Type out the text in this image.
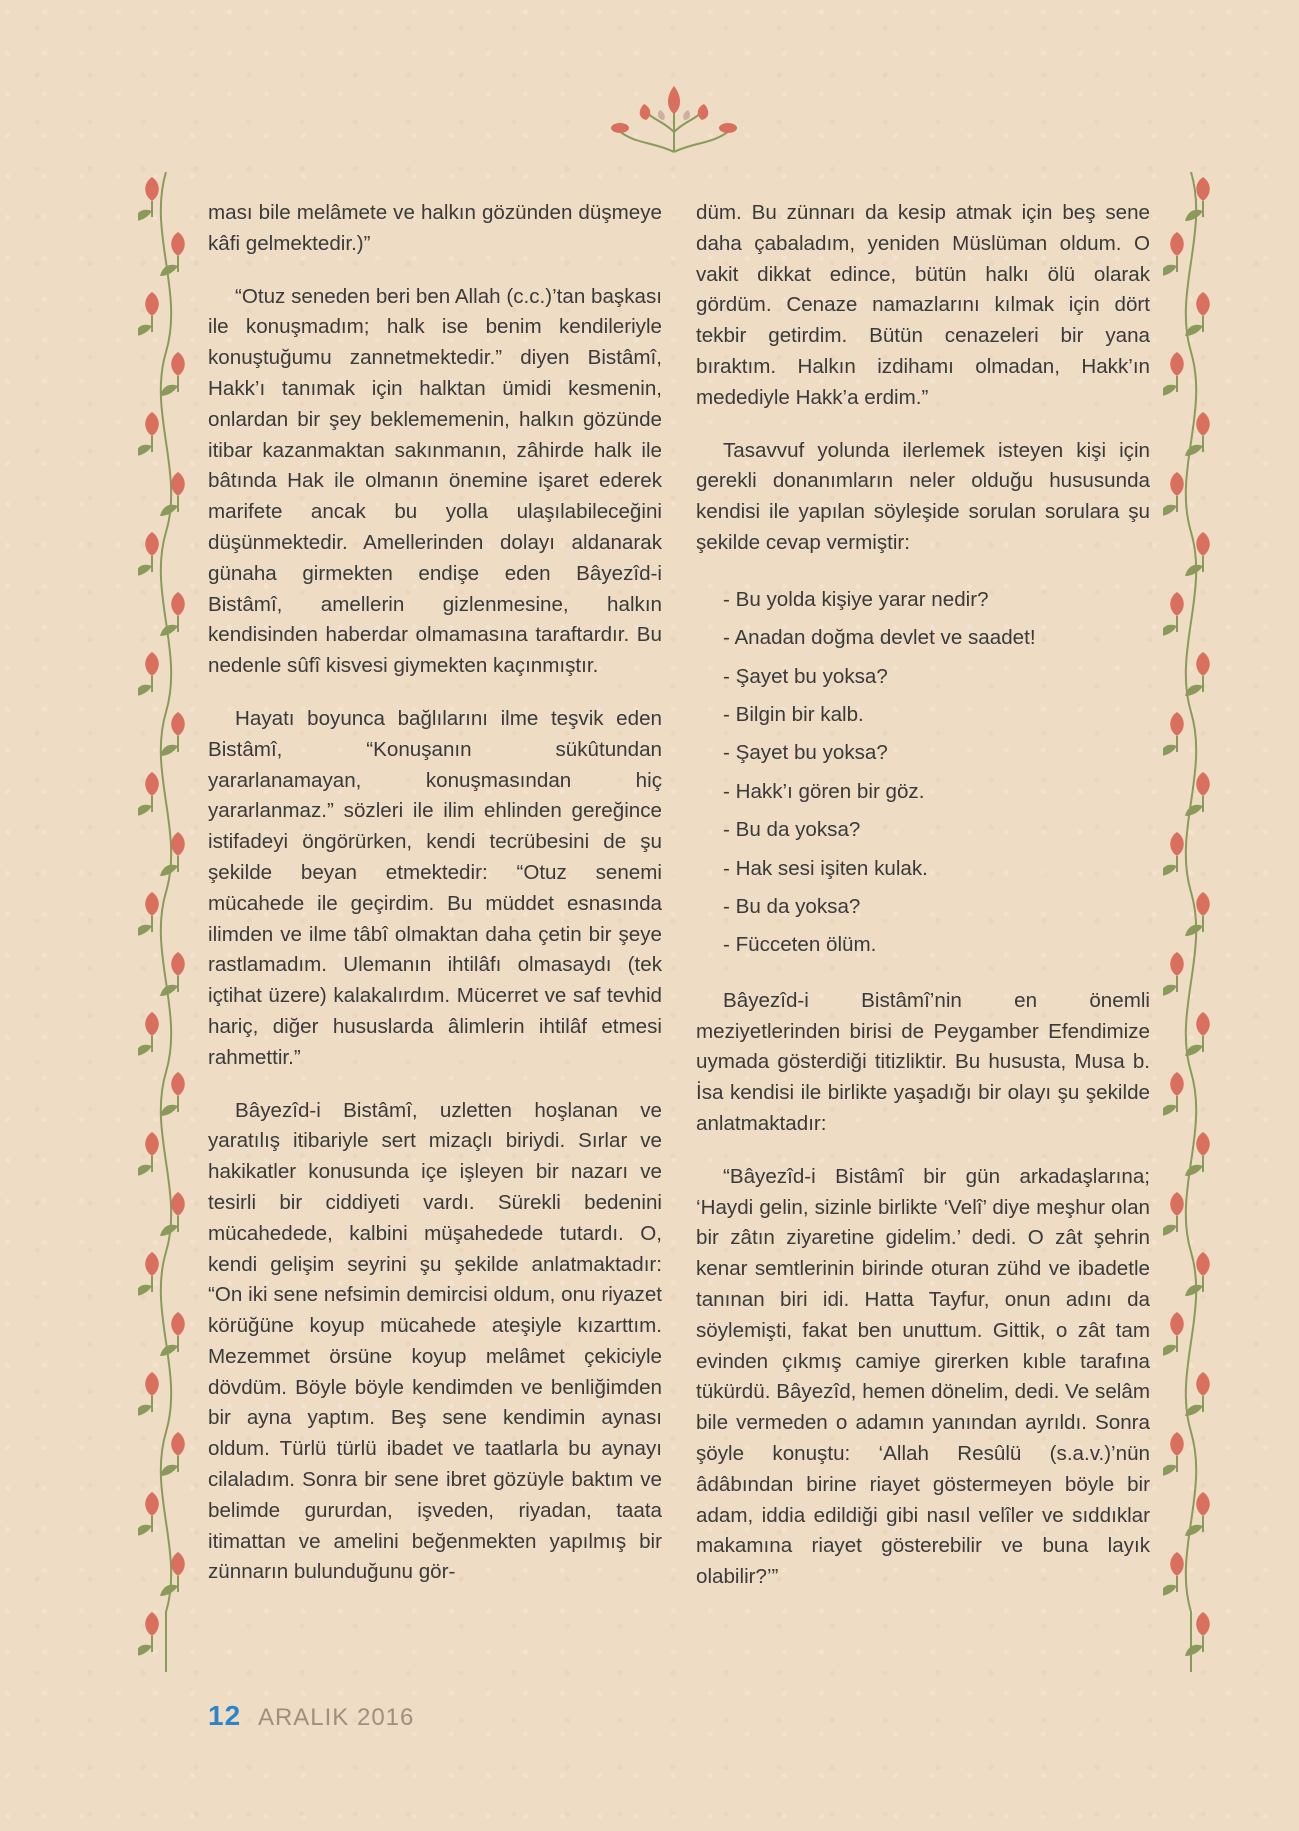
ması bile melâmete ve halkın gözünden düşmeye kâfi gelmektedir.)”

“Otuz seneden beri ben Allah (c.c.)’tan başkası ile konuşmadım; halk ise benim kendileriyle konuştuğumu zannetmektedir.” diyen Bistâmî, Hakk’ı tanımak için halktan ümidi kesmenin, onlardan bir şey beklememenin, halkın gözünde itibar kazanmaktan sakınmanın, zâhirde halk ile bâtında Hak ile olmanın önemine işaret ederek marifete ancak bu yolla ulaşılabileceğini düşünmektedir. Amellerinden dolayı aldanarak günaha girmekten endişe eden Bâyezîd-i Bistâmî, amellerin gizlenmesine, halkın kendisinden haberdar olmamasına taraftardır. Bu nedenle sûfî kisvesi giymekten kaçınmıştır.

Hayatı boyunca bağlılarını ilme teşvik eden Bistâmî, “Konuşanın sükûtundan yararlanamayan, konuşmasından hiç yararlanmaz.” sözleri ile ilim ehlinden gereğince istifadeyi öngörürken, kendi tecrübesini de şu şekilde beyan etmektedir: “Otuz senemi mücahede ile geçirdim. Bu müddet esnasında ilimden ve ilme tâbî olmaktan daha çetin bir şeye rastlamadım. Ulemanın ihtilâfı olmasaydı (tek içtihat üzere) kalakalırdım. Mücerret ve saf tevhid hariç, diğer hususlarda âlimlerin ihtilâf etmesi rahmettir.”

Bâyezîd-i Bistâmî, uzletten hoşlanan ve yaratılış itibariyle sert mizaçlı biriydi. Sırlar ve hakikatler konusunda içe işleyen bir nazarı ve tesirli bir ciddiyeti vardı. Sürekli bedenini mücahedede, kalbini müşahedede tutardı. O, kendi gelişim seyrini şu şekilde anlatmaktadır: “On iki sene nefsimin demircisi oldum, onu riyazet körüğüne koyup mücahede ateşiyle kızarttım. Mezemmet örsüne koyup melâmet çekiciyle dövdüm. Böyle böyle kendimden ve benliğimden bir ayna yaptım. Beş sene kendimin aynası oldum. Türlü türlü ibadet ve taatlarla bu aynayı cilaladım. Sonra bir sene ibret gözüyle baktım ve belimde gururdan, işveden, riyadan, taata itimattan ve amelini beğenmekten yapılmış bir zünnarın bulunduğunu gör-

düm. Bu zünnarı da kesip atmak için beş sene daha çabaladım, yeniden Müslüman oldum. O vakit dikkat edince, bütün halkı ölü olarak gördüm. Cenaze namazlarını kılmak için dört tekbir getirdim. Bütün cenazeleri bir yana bıraktım. Halkın izdihamı olmadan, Hakk’ın medediyle Hakk’a erdim.”

Tasavvuf yolunda ilerlemek isteyen kişi için gerekli donanımların neler olduğu hususunda kendisi ile yapılan söyleşide sorulan sorulara şu şekilde cevap vermiştir:

- Bu yolda kişiye yarar nedir?
- Anadan doğma devlet ve saadet!
- Şayet bu yoksa?
- Bilgin bir kalb.
- Şayet bu yoksa?
- Hakk’ı gören bir göz.
- Bu da yoksa?
- Hak sesi işiten kulak.
- Bu da yoksa?
- Fücceten ölüm.

Bâyezîd-i Bistâmî’nin en önemli meziyetlerinden birisi de Peygamber Efendimize uymada gösterdiği titizliktir. Bu hususta, Musa b. İsa kendisi ile birlikte yaşadığı bir olayı şu şekilde anlatmaktadır:

“Bâyezîd-i Bistâmî bir gün arkadaşlarına; ‘Haydi gelin, sizinle birlikte ‘Velî’ diye meşhur olan bir zâtın ziyaretine gidelim.’ dedi. O zât şehrin kenar semtlerinin birinde oturan zühd ve ibadetle tanınan biri idi. Hatta Tayfur, onun adını da söylemişti, fakat ben unuttum. Gittik, o zât tam evinden çıkmış camiye girerken kıble tarafına tükürdü. Bâyezîd, hemen dönelim, dedi. Ve selâm bile vermeden o adamın yanından ayrıldı. Sonra şöyle konuştu: ‘Allah Resûlü (s.a.v.)’nün âdâbından birine riayet göstermeyen böyle bir adam, iddia edildiği gibi nasıl velîler ve sıddıklar makamına riayet gösterebilir ve buna layık olabilir?’”

12 ARALIK 2016
